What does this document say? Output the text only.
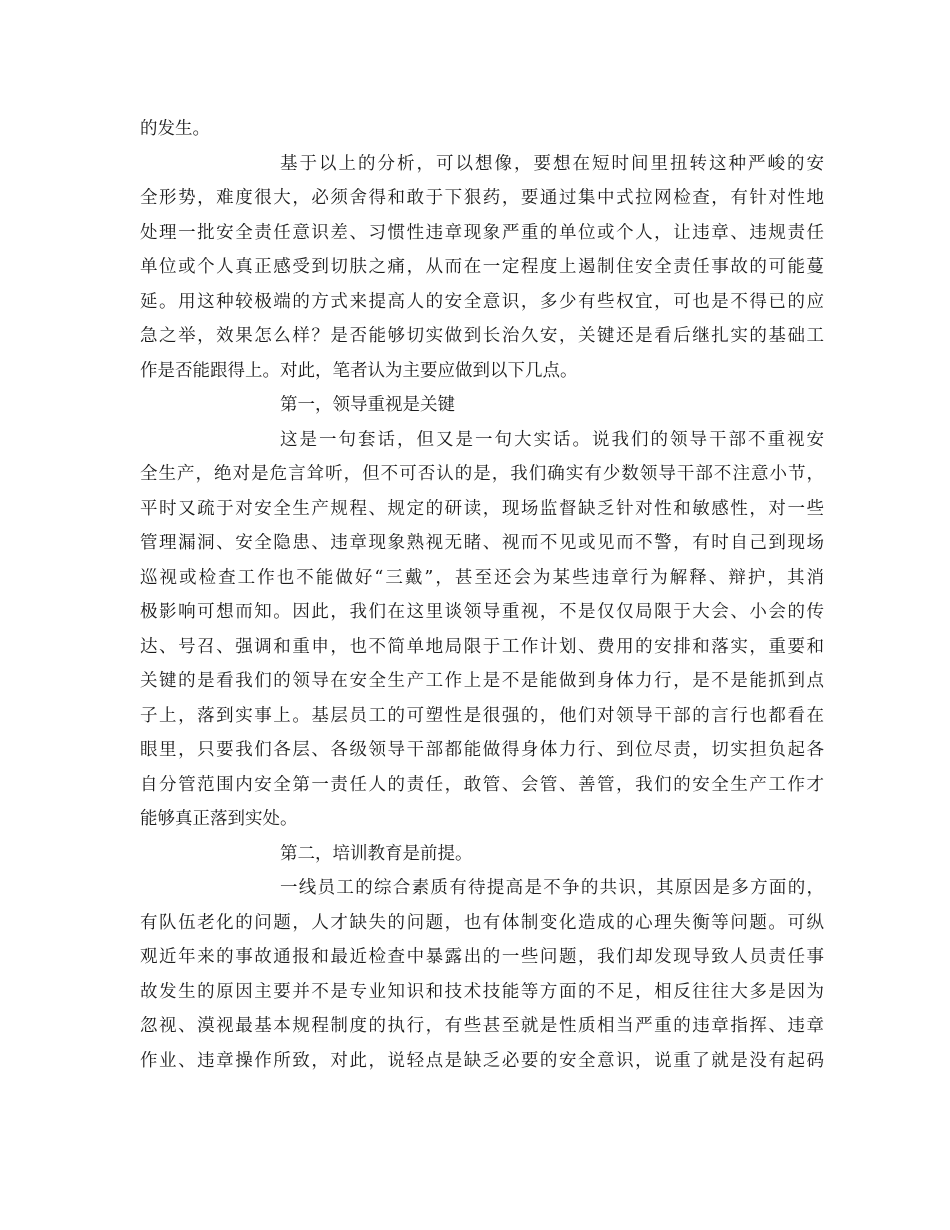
的发生。
基于以上的分析，可以想像，要想在短时间里扭转这种严峻的安
全形势，难度很大，必须舍得和敢于下狠药，要通过集中式拉网检查，有针对性地
处理一批安全责任意识差、习惯性违章现象严重的单位或个人，让违章、违规责任
单位或个人真正感受到切肤之痛，从而在一定程度上遏制住安全责任事故的可能蔓
延。用这种较极端的方式来提高人的安全意识，多少有些权宜，可也是不得已的应
急之举，效果怎么样？是否能够切实做到长治久安，关键还是看后继扎实的基础工
作是否能跟得上。对此，笔者认为主要应做到以下几点。
第一，领导重视是关键
这是一句套话，但又是一句大实话。说我们的领导干部不重视安
全生产，绝对是危言耸听，但不可否认的是，我们确实有少数领导干部不注意小节，
平时又疏于对安全生产规程、规定的研读，现场监督缺乏针对性和敏感性，对一些
管理漏洞、安全隐患、违章现象熟视无睹、视而不见或见而不警，有时自己到现场
巡视或检查工作也不能做好“三戴”，甚至还会为某些违章行为解释、辩护，其消
极影响可想而知。因此，我们在这里谈领导重视，不是仅仅局限于大会、小会的传
达、号召、强调和重申，也不简单地局限于工作计划、费用的安排和落实，重要和
关键的是看我们的领导在安全生产工作上是不是能做到身体力行，是不是能抓到点
子上，落到实事上。基层员工的可塑性是很强的，他们对领导干部的言行也都看在
眼里，只要我们各层、各级领导干部都能做得身体力行、到位尽责，切实担负起各
自分管范围内安全第一责任人的责任，敢管、会管、善管，我们的安全生产工作才
能够真正落到实处。
第二，培训教育是前提。
一线员工的综合素质有待提高是不争的共识，其原因是多方面的，
有队伍老化的问题，人才缺失的问题，也有体制变化造成的心理失衡等问题。可纵
观近年来的事故通报和最近检查中暴露出的一些问题，我们却发现导致人员责任事
故发生的原因主要并不是专业知识和技术技能等方面的不足，相反往往大多是因为
忽视、漠视最基本规程制度的执行，有些甚至就是性质相当严重的违章指挥、违章
作业、违章操作所致，对此，说轻点是缺乏必要的安全意识，说重了就是没有起码
